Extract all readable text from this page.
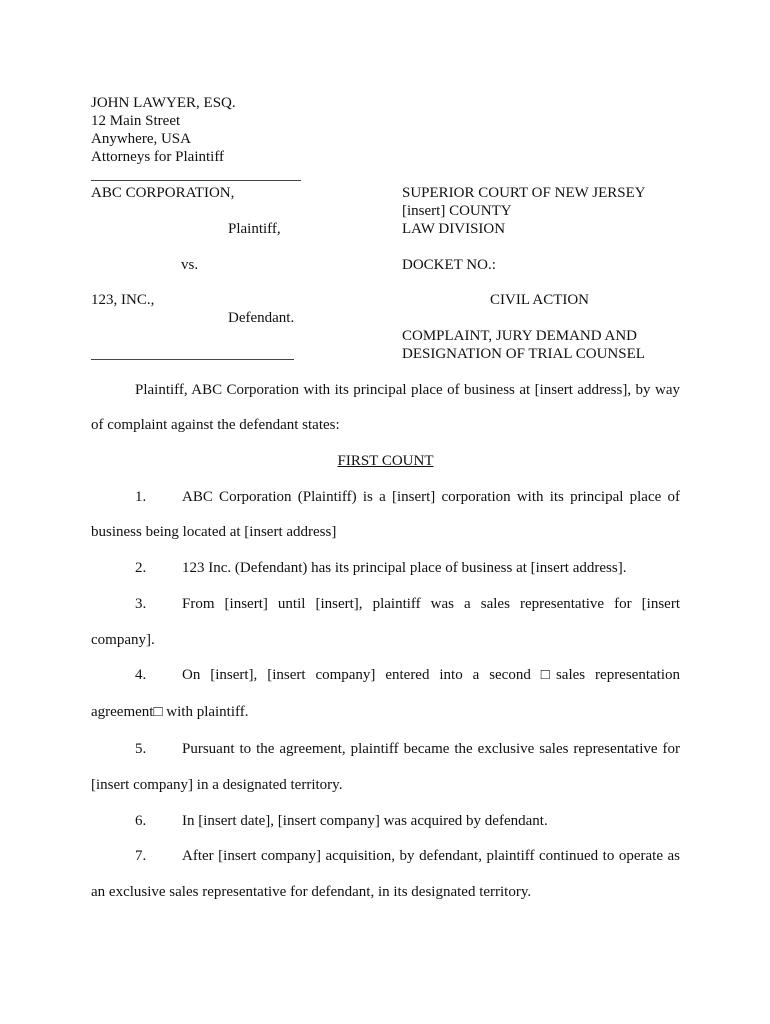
JOHN LAWYER, ESQ.
12 Main Street
Anywhere, USA
Attorneys for Plaintiff
ABC CORPORATION,
Plaintiff,
vs.
123, INC.,
Defendant.
SUPERIOR COURT OF NEW JERSEY
[insert] COUNTY
LAW DIVISION
DOCKET NO.:
CIVIL ACTION
COMPLAINT, JURY DEMAND AND
DESIGNATION OF TRIAL COUNSEL
Plaintiff, ABC Corporation with its principal place of business at [insert address], by way
of complaint against the defendant states:
FIRST COUNT
1. ABC Corporation (Plaintiff) is a [insert] corporation with its principal place of
business being located at [insert address]
2. 123 Inc. (Defendant) has its principal place of business at [insert address].
3. From [insert] until [insert], plaintiff was a sales representative for [insert
company].
4. On [insert], [insert company] entered into a second □sales representation
agreement□ with plaintiff.
5. Pursuant to the agreement, plaintiff became the exclusive sales representative for
[insert company] in a designated territory.
6. In [insert date], [insert company] was acquired by defendant.
7. After [insert company] acquisition, by defendant, plaintiff continued to operate as
an exclusive sales representative for defendant, in its designated territory.
